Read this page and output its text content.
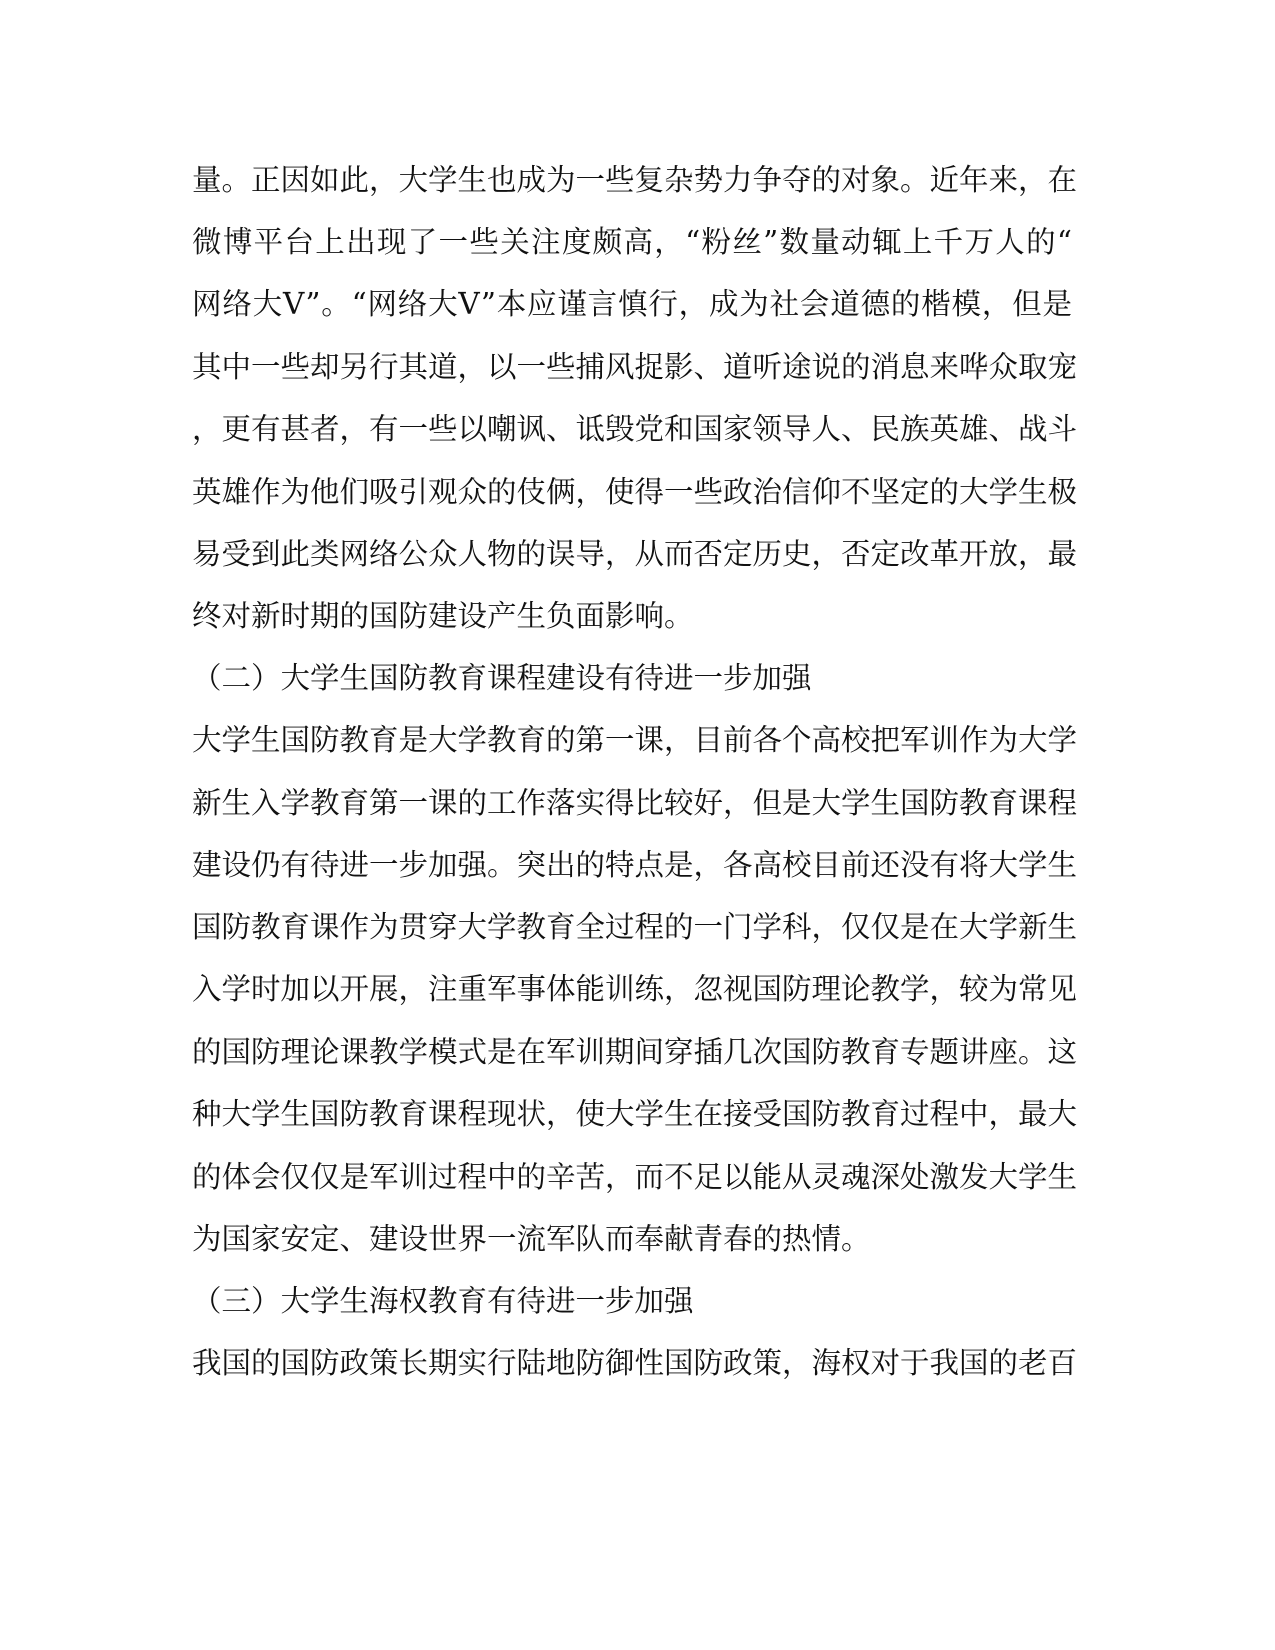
量。正因如此，大学生也成为一些复杂势力争夺的对象。近年来，在
微博平台上出现了一些关注度颇高，“粉丝”数量动辄上千万人的“
网络大V”。“网络大V”本应谨言慎行，成为社会道德的楷模，但是
其中一些却另行其道，以一些捕风捉影、道听途说的消息来哗众取宠
，更有甚者，有一些以嘲讽、诋毁党和国家领导人、民族英雄、战斗
英雄作为他们吸引观众的伎俩，使得一些政治信仰不坚定的大学生极
易受到此类网络公众人物的误导，从而否定历史，否定改革开放，最
终对新时期的国防建设产生负面影响。
（二）大学生国防教育课程建设有待进一步加强
大学生国防教育是大学教育的第一课，目前各个高校把军训作为大学
新生入学教育第一课的工作落实得比较好，但是大学生国防教育课程
建设仍有待进一步加强。突出的特点是，各高校目前还没有将大学生
国防教育课作为贯穿大学教育全过程的一门学科，仅仅是在大学新生
入学时加以开展，注重军事体能训练，忽视国防理论教学，较为常见
的国防理论课教学模式是在军训期间穿插几次国防教育专题讲座。这
种大学生国防教育课程现状，使大学生在接受国防教育过程中，最大
的体会仅仅是军训过程中的辛苦，而不足以能从灵魂深处激发大学生
为国家安定、建设世界一流军队而奉献青春的热情。
（三）大学生海权教育有待进一步加强
我国的国防政策长期实行陆地防御性国防政策，海权对于我国的老百
